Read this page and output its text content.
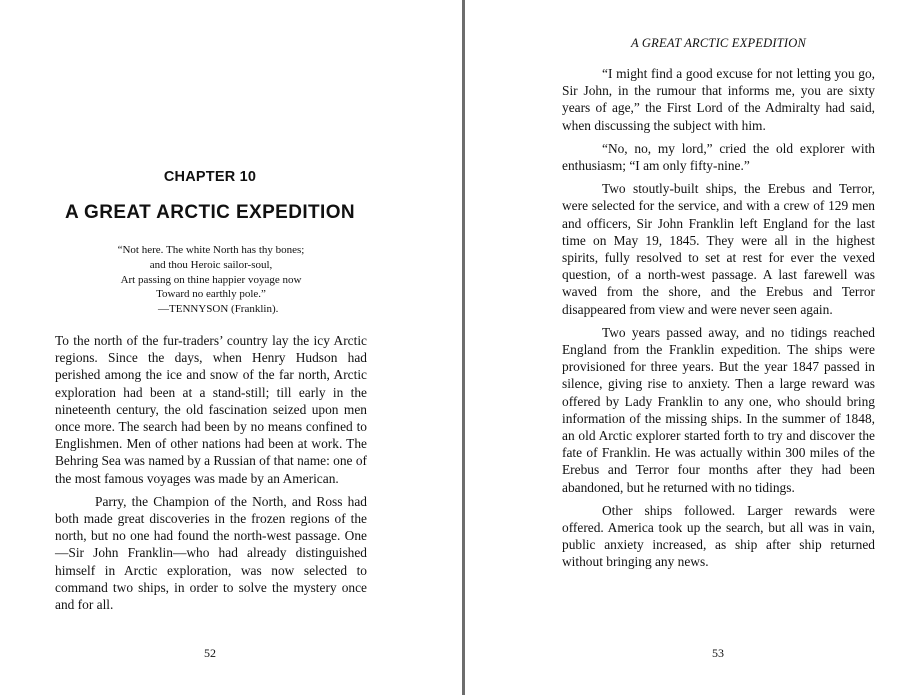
CHAPTER 10
A GREAT ARCTIC EXPEDITION
“Not here. The white North has thy bones;
and thou Heroic sailor-soul,
Art passing on thine happier voyage now
Toward no earthly pole.”
—TENNYSON (Franklin).

To the north of the fur-traders’ country lay the icy Arctic regions. Since the days, when Henry Hudson had perished among the ice and snow of the far north, Arctic exploration had been at a stand-still; till early in the nineteenth century, the old fascination seized upon men once more. The search had been by no means confined to Englishmen. Men of other nations had been at work. The Behring Sea was named by a Russian of that name: one of the most famous voyages was made by an American.

Parry, the Champion of the North, and Ross had both made great discoveries in the frozen regions of the north, but no one had found the north-west passage. One—Sir John Franklin—who had already distinguished himself in Arctic exploration, was now selected to command two ships, in order to solve the mystery once and for all.

52
A GREAT ARCTIC EXPEDITION

“I might find a good excuse for not letting you go, Sir John, in the rumour that informs me, you are sixty years of age,” the First Lord of the Admiralty had said, when discussing the subject with him.

“No, no, my lord,” cried the old explorer with enthusiasm; “I am only fifty-nine.”

Two stoutly-built ships, the Erebus and Terror, were selected for the service, and with a crew of 129 men and officers, Sir John Franklin left England for the last time on May 19, 1845. They were all in the highest spirits, fully resolved to set at rest for ever the vexed question, of a north-west passage. A last farewell was waved from the shore, and the Erebus and Terror disappeared from view and were never seen again.

Two years passed away, and no tidings reached England from the Franklin expedition. The ships were provisioned for three years. But the year 1847 passed in silence, giving rise to anxiety. Then a large reward was offered by Lady Franklin to any one, who should bring information of the missing ships. In the summer of 1848, an old Arctic explorer started forth to try and discover the fate of Franklin. He was actually within 300 miles of the Erebus and Terror four months after they had been abandoned, but he returned with no tidings.

Other ships followed. Larger rewards were offered. America took up the search, but all was in vain, public anxiety increased, as ship after ship returned without bringing any news.

53
